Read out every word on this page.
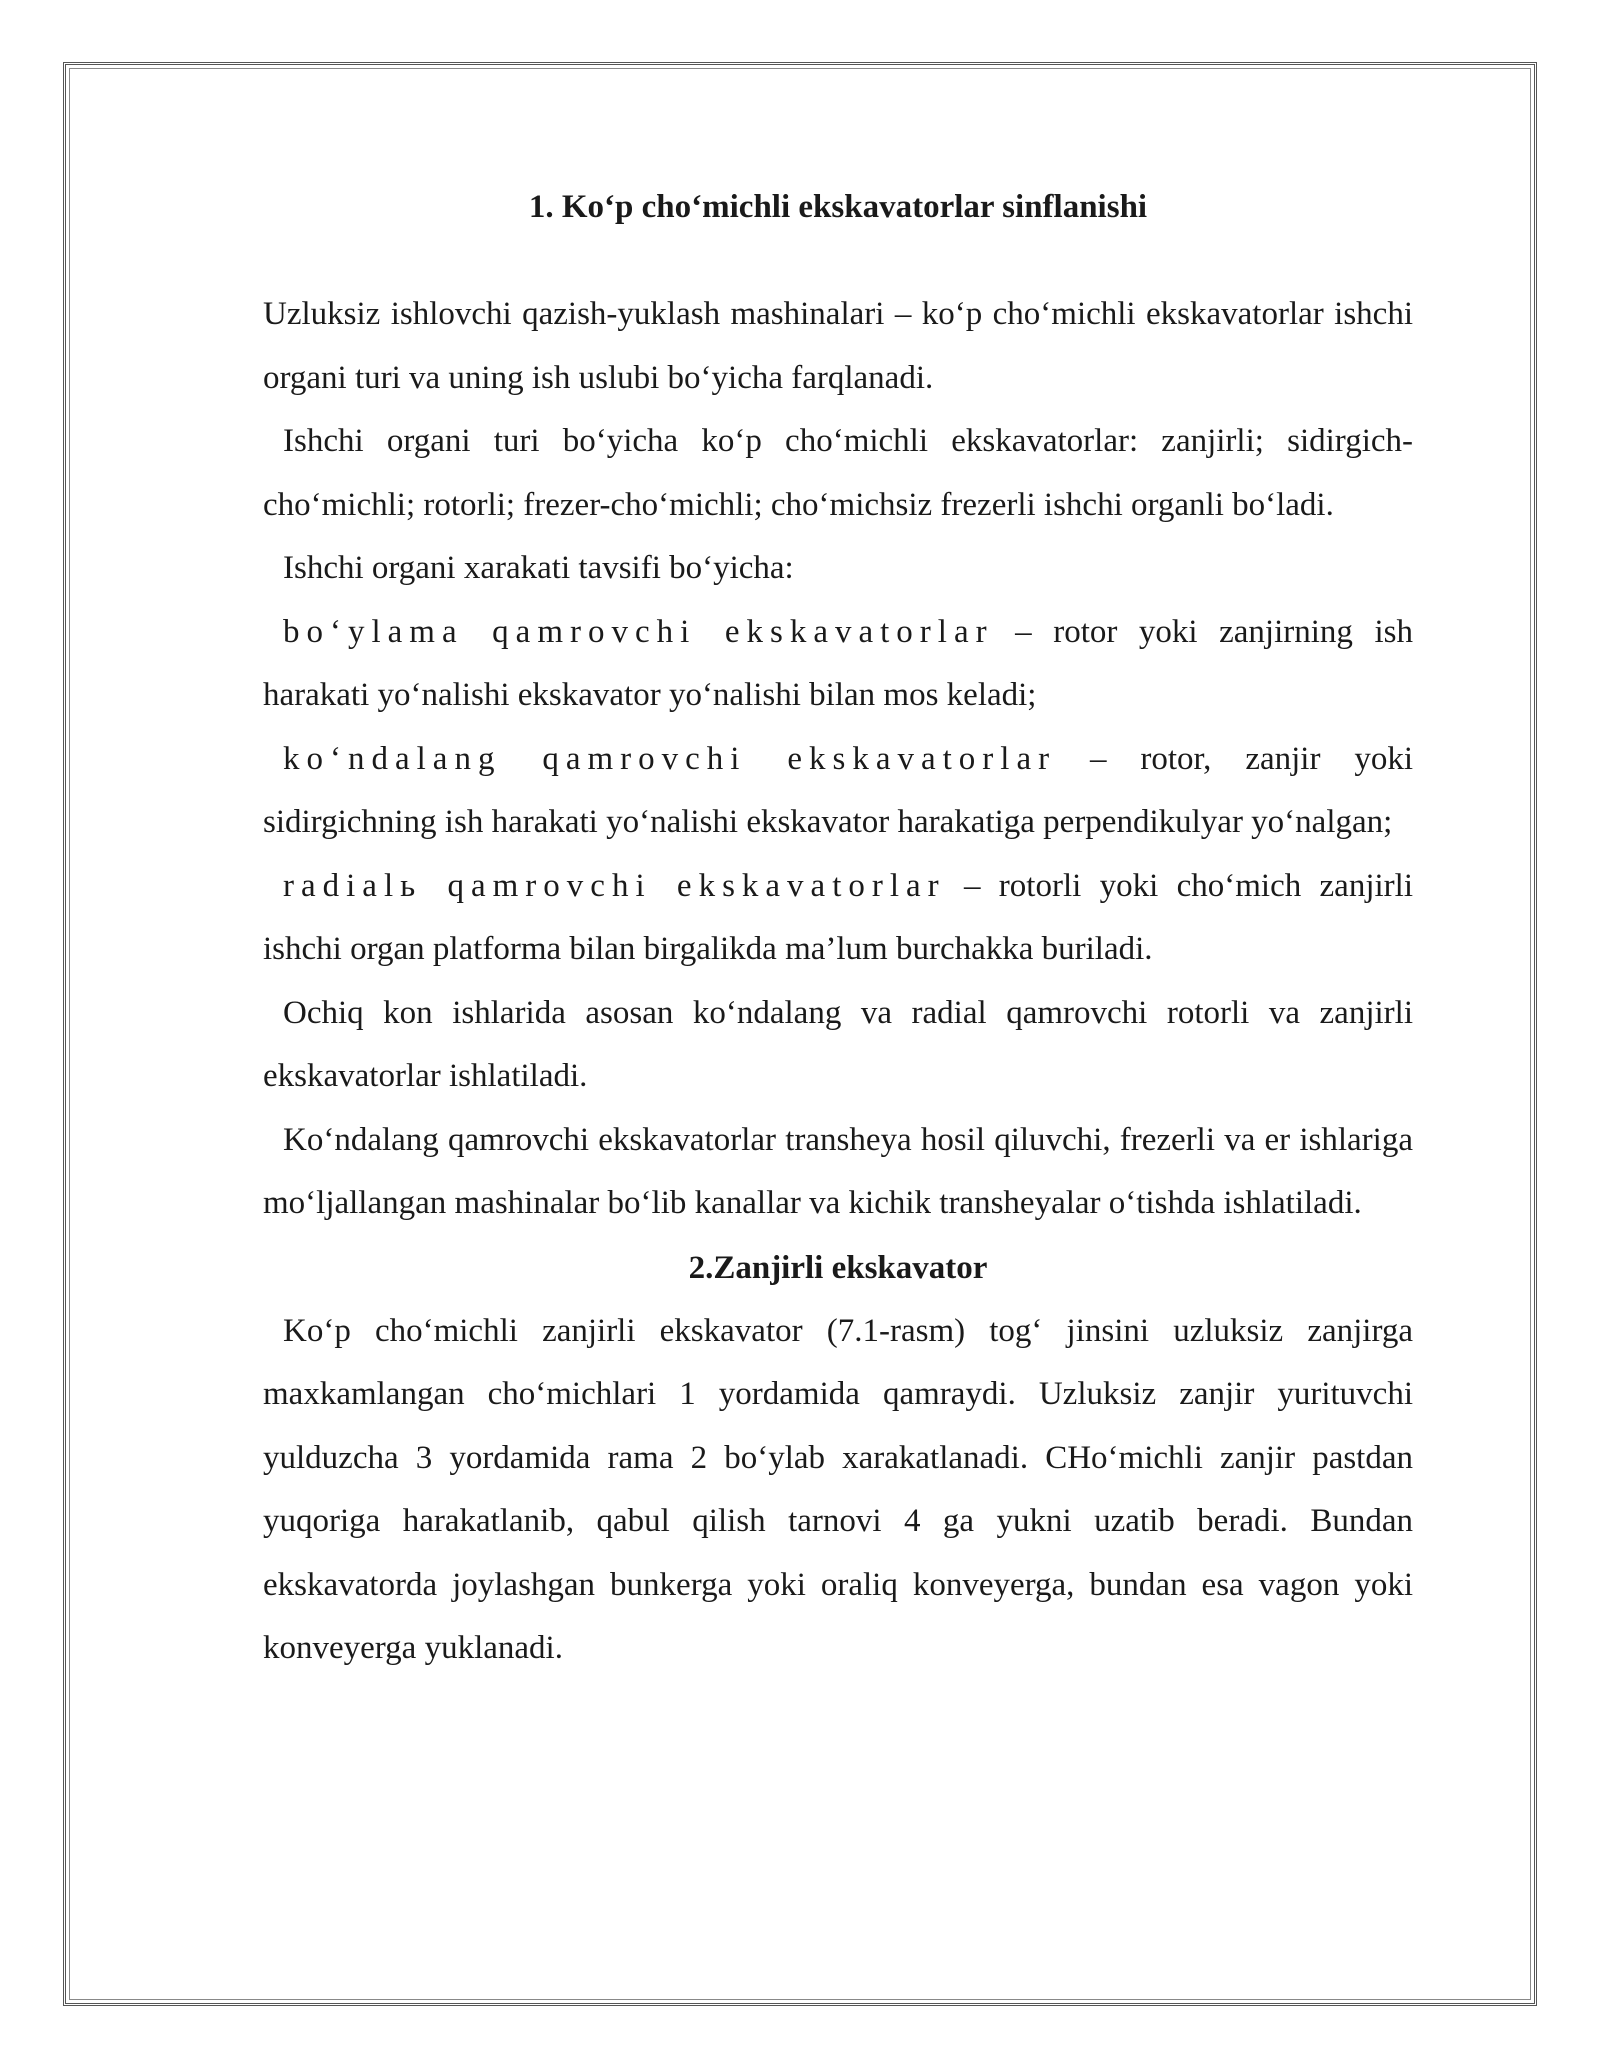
1. Ko‘p cho‘michli ekskavatorlar sinflanishi

Uzluksiz ishlovchi qazish-yuklash mashinalari – ko‘p cho‘michli ekskavatorlar ishchi organi turi va uning ish uslubi bo‘yicha farqlanadi.

Ishchi organi turi bo‘yicha ko‘p cho‘michli ekskavatorlar: zanjirli; sidirgich-cho‘michli; rotorli; frezer-cho‘michli; cho‘michsiz frezerli ishchi organli bo‘ladi.

Ishchi organi xarakati tavsifi bo‘yicha:

bo‘ylama qamrovchi ekskavatorlar – rotor yoki zanjirning ish harakati yo‘nalishi ekskavator yo‘nalishi bilan mos keladi;

ko‘ndalang qamrovchi ekskavatorlar – rotor, zanjir yoki sidirgichning ish harakati yo‘nalishi ekskavator harakatiga perpendikulyar yo‘nalgan;

radialь qamrovchi ekskavatorlar – rotorli yoki cho‘mich zanjirli ishchi organ platforma bilan birgalikda ma’lum burchakka buriladi.

Ochiq kon ishlarida asosan ko‘ndalang va radial qamrovchi rotorli va zanjirli ekskavatorlar ishlatiladi.

Ko‘ndalang qamrovchi ekskavatorlar transheya hosil qiluvchi, frezerli va er ishlariga mo‘ljallangan mashinalar bo‘lib kanallar va kichik transheyalar o‘tishda ishlatiladi.

2.Zanjirli ekskavator

Ko‘p cho‘michli zanjirli ekskavator (7.1-rasm) tog‘ jinsini uzluksiz zanjirga maxkamlangan cho‘michlari 1 yordamida qamraydi. Uzluksiz zanjir yurituvchi yulduzcha 3 yordamida rama 2 bo‘ylab xarakatlanadi. CHo‘michli zanjir pastdan yuqoriga harakatlanib, qabul qilish tarnovi 4 ga yukni uzatib beradi. Bundan ekskavatorda joylashgan bunkerga yoki oraliq konveyerga, bundan esa vagon yoki konveyerga yuklanadi.
